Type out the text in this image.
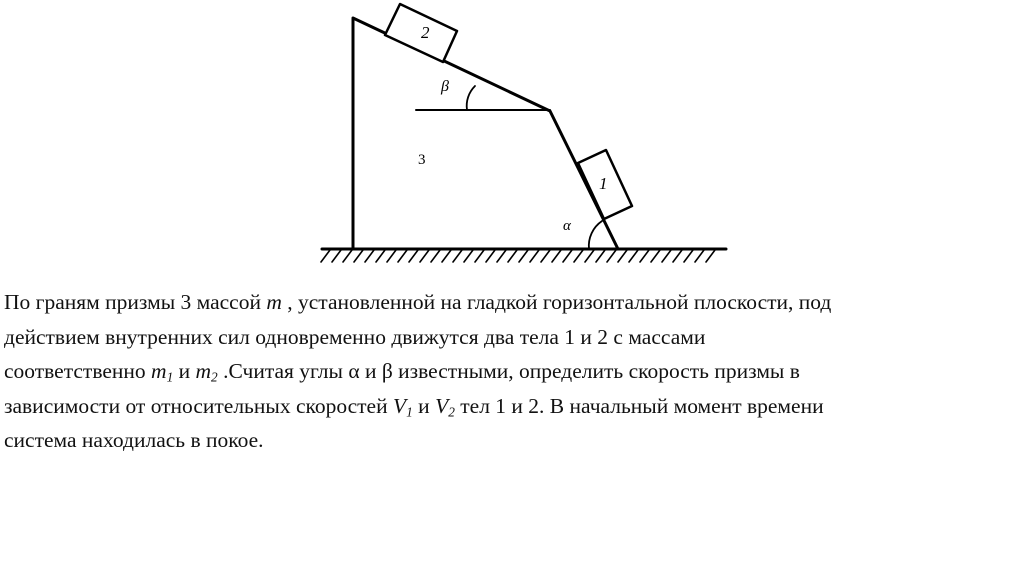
2
1
3
β
α

По граням призмы 3 массой m , установленной на гладкой горизонтальной плоскости, под
действием внутренних сил одновременно движутся два тела 1 и 2 с массами
соответственно $m_1$ и $m_2$ .Считая углы α и β известными, определить скорость призмы в
зависимости от относительных скоростей $V_1$ и $V_2$ тел 1 и 2. В начальный момент времени
система находилась в покое.
